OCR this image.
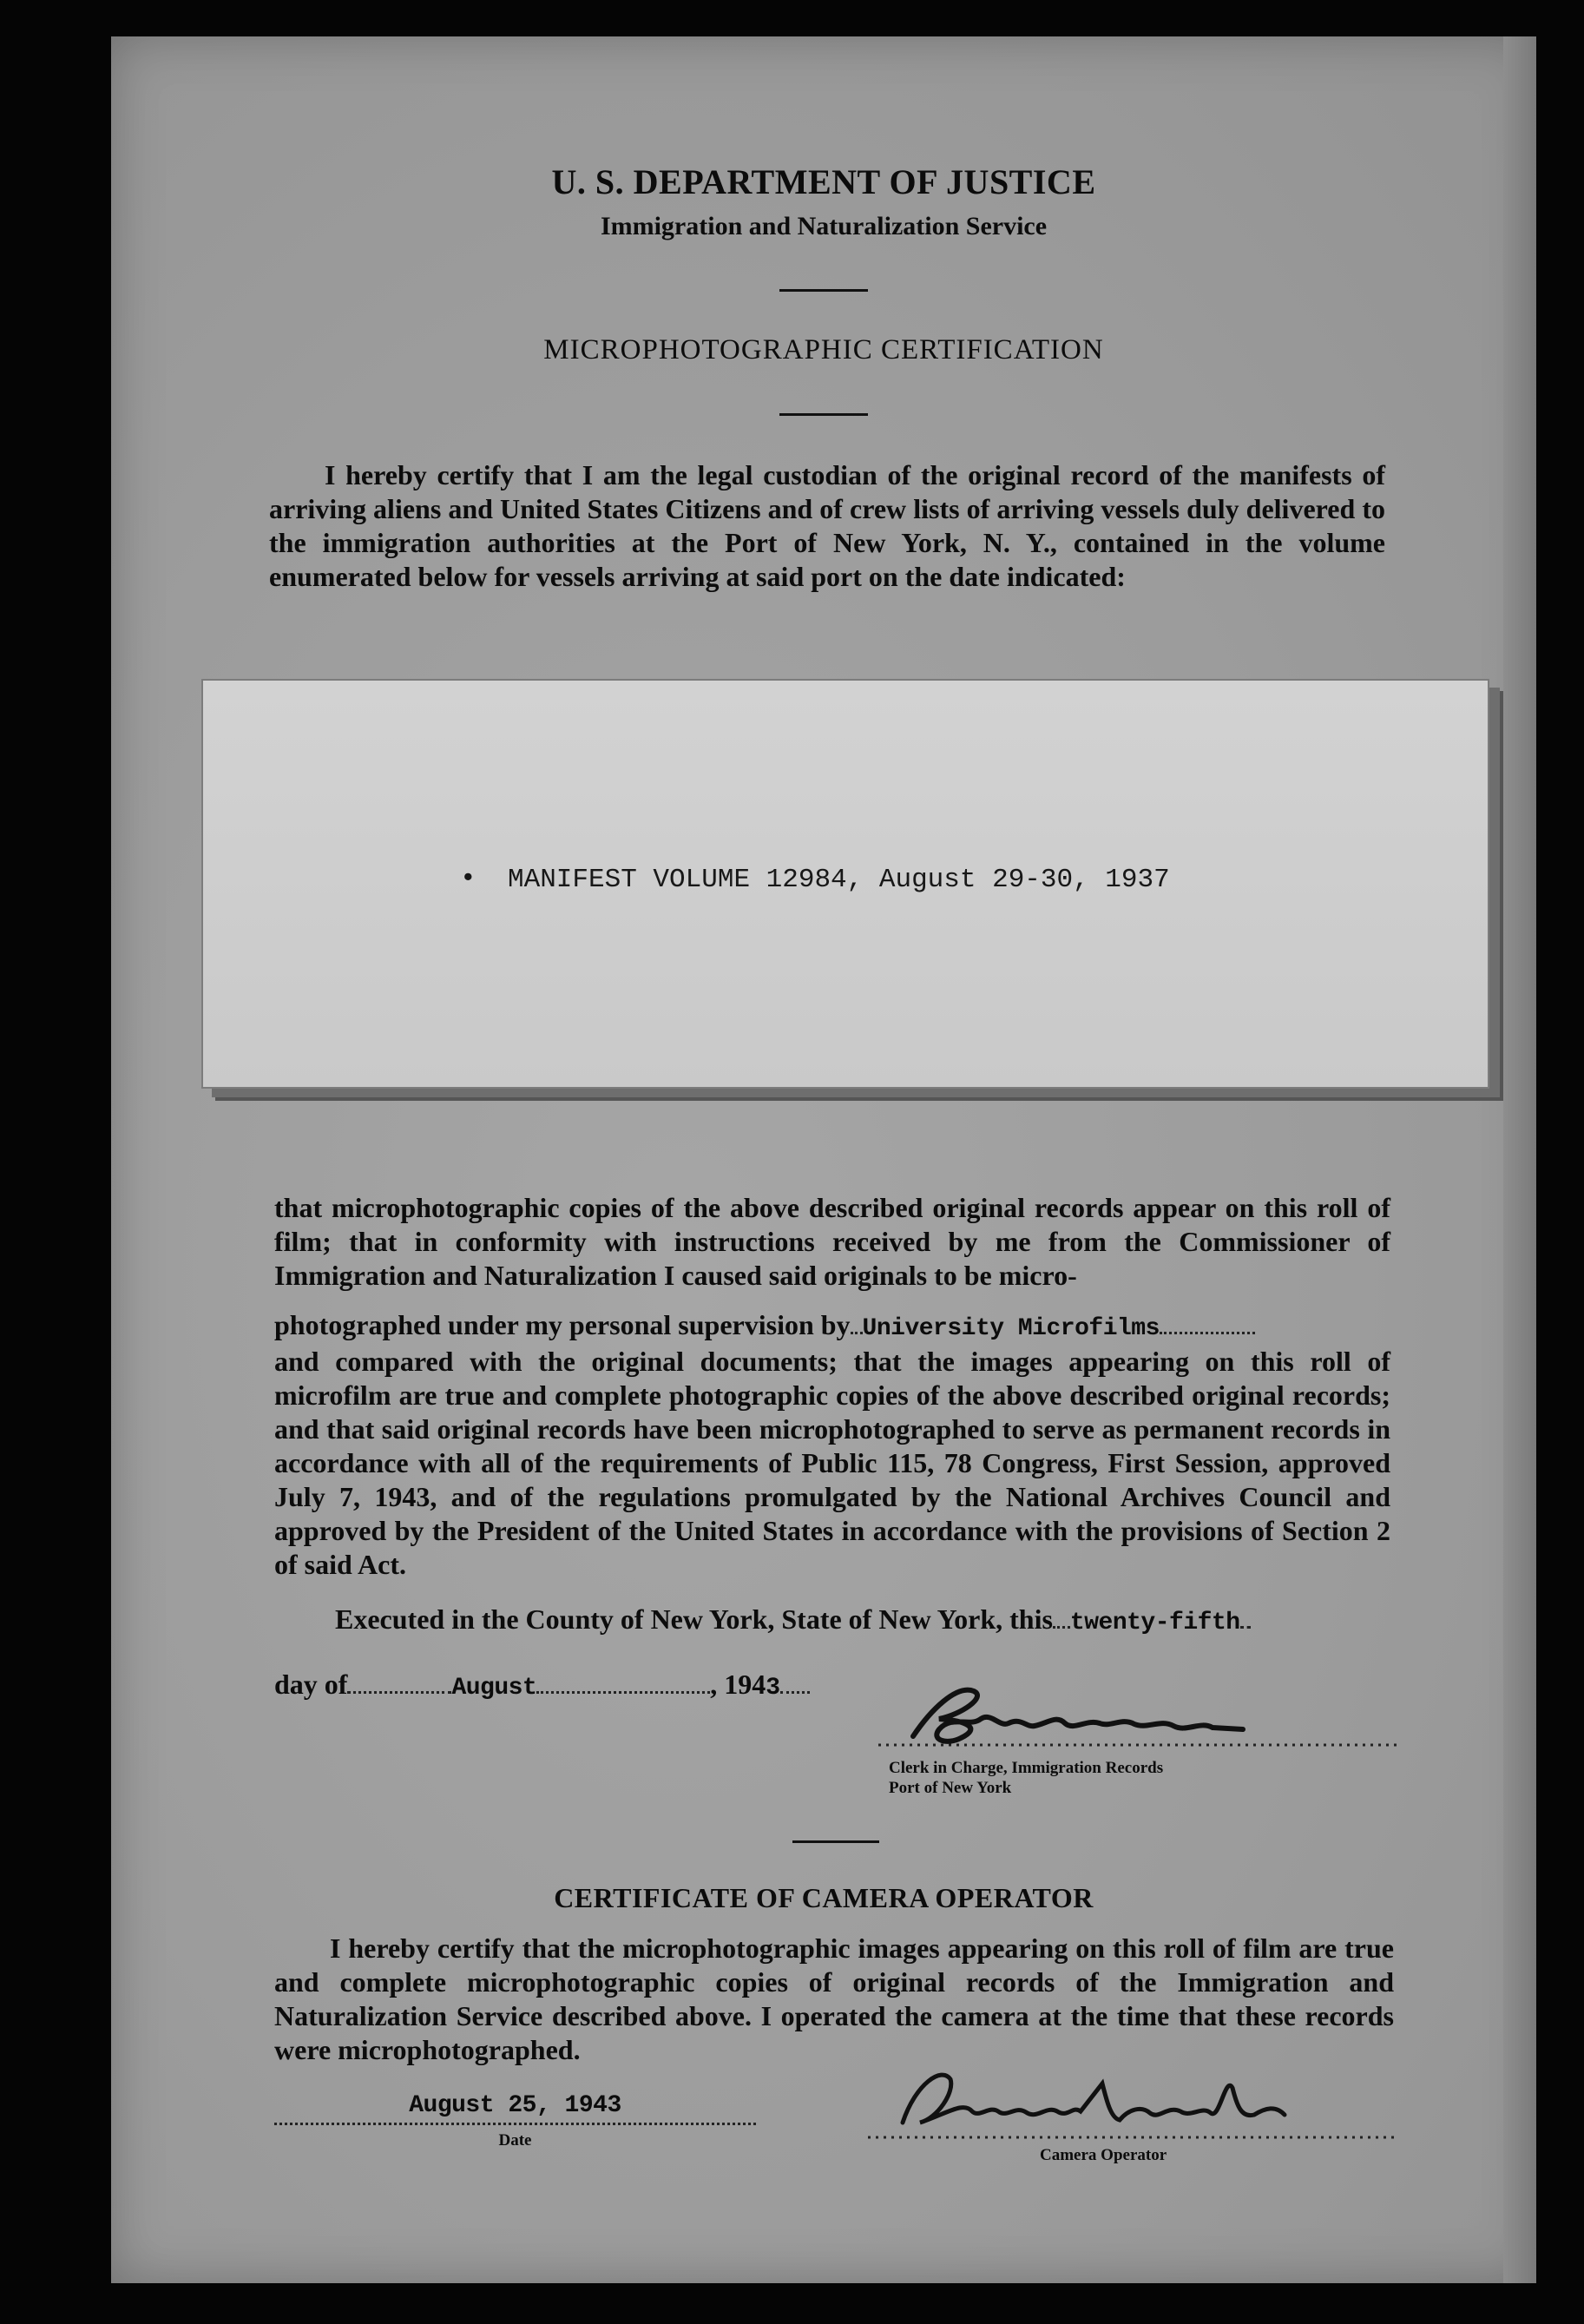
U. S. DEPARTMENT OF JUSTICE
Immigration and Naturalization Service
MICROPHOTOGRAPHIC CERTIFICATION
I hereby certify that I am the legal custodian of the original record of the manifests of arriving aliens and United States Citizens and of crew lists of arriving vessels duly delivered to the immigration authorities at the Port of New York, N. Y., contained in the volume enumerated below for vessels arriving at said port on the date indicated:
• MANIFEST VOLUME 12984, August 29-30, 1937
that microphotographic copies of the above described original records appear on this roll of film; that in conformity with instructions received by me from the Commissioner of Immigration and Naturalization I caused said originals to be micro-
photographed under my personal supervision by University Microfilms
and compared with the original documents; that the images appearing on this roll of microfilm are true and complete photographic copies of the above described original records; and that said original records have been microphotographed to serve as permanent records in accordance with all of the requirements of Public 115, 78 Congress, First Session, approved July 7, 1943, and of the regulations promulgated by the National Archives Council and approved by the President of the United States in accordance with the provisions of Section 2 of said Act.
Executed in the County of New York, State of New York, this twenty-fifth
day of	August	, 1943
Clerk in Charge, Immigration Records
Port of New York
CERTIFICATE OF CAMERA OPERATOR
I hereby certify that the microphotographic images appearing on this roll of film are true and complete microphotographic copies of original records of the Immigration and Naturalization Service described above. I operated the camera at the time that these records were microphotographed.
August 25, 1943
Date
Camera Operator
